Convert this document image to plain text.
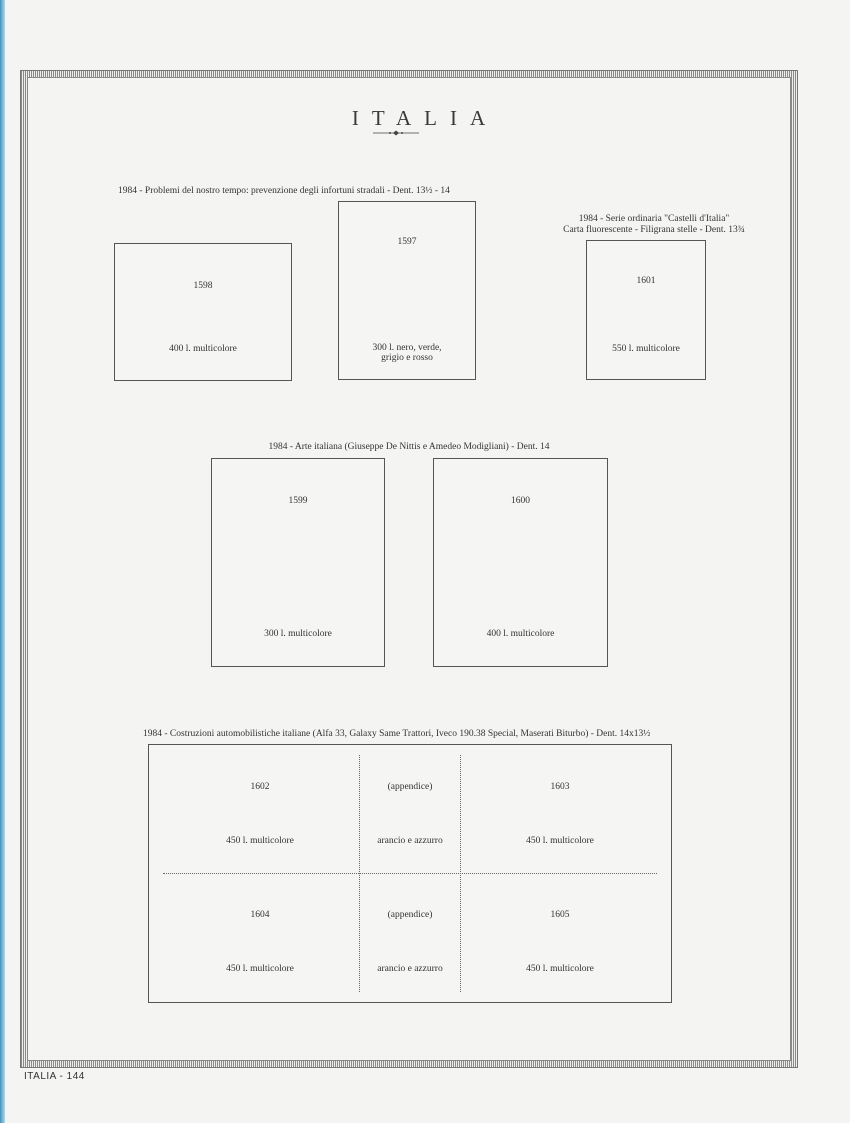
ITALIA
1984 - Problemi del nostro tempo: prevenzione degli infortuni stradali - Dent. 13½ - 14
1598
400 l. multicolore
1597
300 l. nero, verde,
grigio e rosso
1984 - Serie ordinaria "Castelli d'Italia"
Carta fluorescente - Filigrana stelle - Dent. 13¾
1601
550 l. multicolore
1984 - Arte italiana (Giuseppe De Nittis e Amedeo Modigliani) - Dent. 14
1599
300 l. multicolore
1600
400 l. multicolore
1984 - Costruzioni automobilistiche italiane (Alfa 33, Galaxy Same Trattori, Iveco 190.38 Special, Maserati Biturbo) - Dent. 14x13½
1602
450 l. multicolore
(appendice)
arancio e azzurro
1603
450 l. multicolore
1604
450 l. multicolore
(appendice)
arancio e azzurro
1605
450 l. multicolore
ITALIA - 144
